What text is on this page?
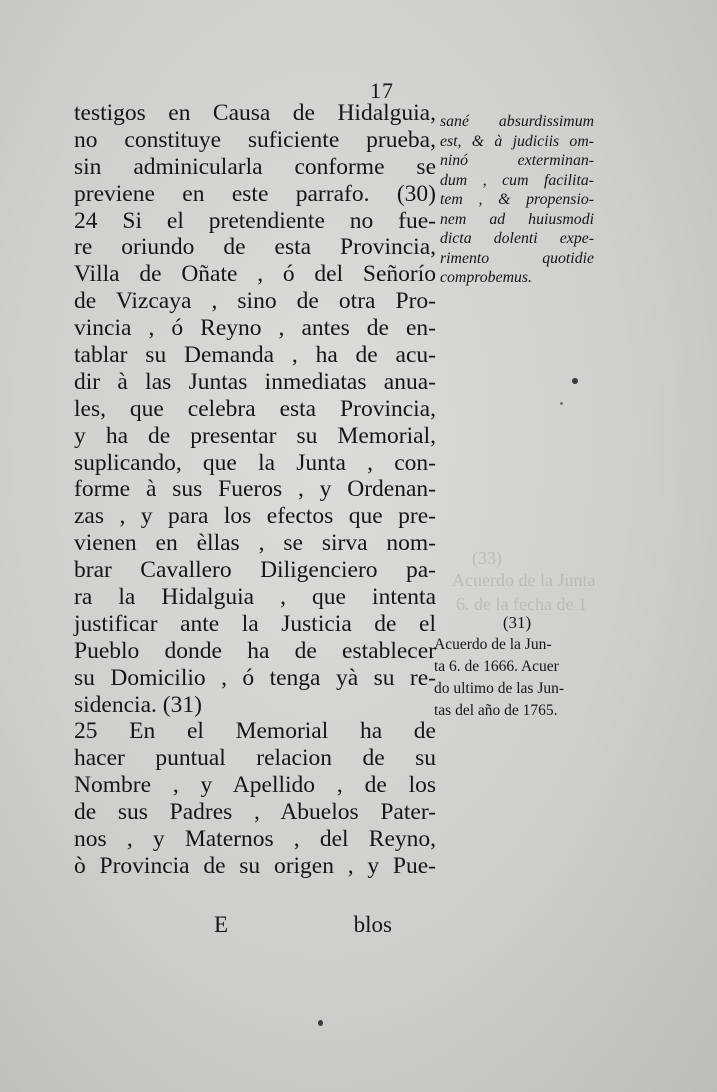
(33)
Acuerdo de la Junta
6. de la fecha de 1
17
testigos en Causa de Hidalguia,
no constituye suficiente prueba,
sin adminicularla conforme se
previene en este parrafo. (30)
24 Si el pretendiente no fue-
re oriundo de esta Provincia,
Villa de Oñate , ó del Señorío
de Vizcaya , sino de otra Pro-
vincia , ó Reyno , antes de en-
tablar su Demanda , ha de acu-
dir à las Juntas inmediatas anua-
les, que celebra esta Provincia,
y ha de presentar su Memorial,
suplicando, que la Junta , con-
forme à sus Fueros , y Ordenan-
zas , y para los efectos que pre-
vienen en èllas , se sirva nom-
brar Cavallero Diligenciero pa-
ra la Hidalguia , que intenta
justificar ante la Justicia de el
Pueblo donde ha de establecer
su Domicilio , ó tenga yà su re-
sidencia. (31)
25 En el Memorial ha de
hacer puntual relacion de su
Nombre , y Apellido , de los
de sus Padres , Abuelos Pater-
nos , y Maternos , del Reyno,
ò Provincia de su origen , y Pue-
E	blos
sané absurdissimum
est, & à judiciis om-
ninó exterminan-
dum , cum facilita-
tem , & propensio-
nem ad huiusmodi
dicta dolenti expe-
rimento quotidie
comprobemus.
(31)
Acuerdo de la Jun-
ta 6. de 1666. Acuer
do ultimo de las Jun-
tas del año de 1765.
